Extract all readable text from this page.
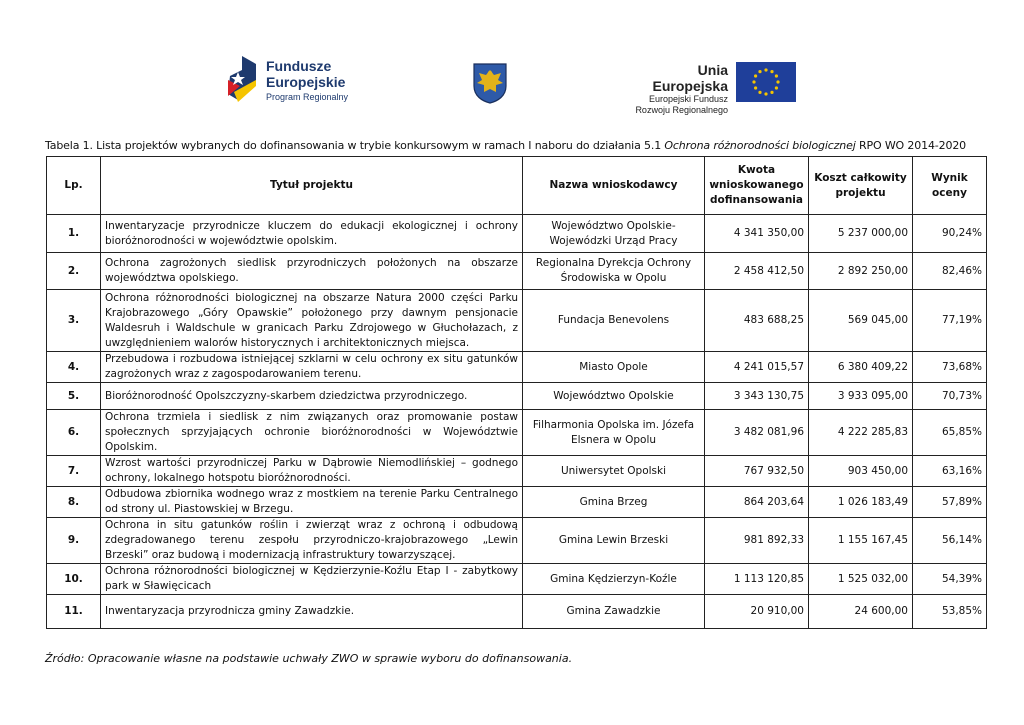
Fundusze
Europejskie
Program Regionalny
Unia Europejska
Europejski Fundusz
Rozwoju Regionalnego
Tabela 1. Lista projektów wybranych do dofinansowania w trybie konkursowym w ramach I naboru do działania 5.1 Ochrona różnorodności biologicznej RPO WO 2014-2020
Lp.	Tytuł projektu	Nazwa wnioskodawcy	Kwota wnioskowanego dofinansowania	Koszt całkowity projektu	Wynik oceny
1.	Inwentaryzacje przyrodnicze kluczem do edukacji ekologicznej i ochrony bioróżnorodności w województwie opolskim.	Województwo Opolskie-Wojewódzki Urząd Pracy	4 341 350,00	5 237 000,00	90,24%
2.	Ochrona zagrożonych siedlisk przyrodniczych położonych na obszarze województwa opolskiego.	Regionalna Dyrekcja Ochrony Środowiska w Opolu	2 458 412,50	2 892 250,00	82,46%
3.	Ochrona różnorodności biologicznej na obszarze Natura 2000 części Parku Krajobrazowego „Góry Opawskie” położonego przy dawnym pensjonacie Waldesruh i Waldschule w granicach Parku Zdrojowego w Głuchołazach, z uwzględnieniem walorów historycznych i architektonicznych miejsca.	Fundacja Benevolens	483 688,25	569 045,00	77,19%
4.	Przebudowa i rozbudowa istniejącej szklarni w celu ochrony ex situ gatunków zagrożonych wraz z zagospodarowaniem terenu.	Miasto Opole	4 241 015,57	6 380 409,22	73,68%
5.	Bioróżnorodność Opolszczyzny-skarbem dziedzictwa przyrodniczego.	Województwo Opolskie	3 343 130,75	3 933 095,00	70,73%
6.	Ochrona trzmiela i siedlisk z nim związanych oraz promowanie postaw społecznych sprzyjających ochronie bioróżnorodności w Województwie Opolskim.	Filharmonia Opolska im. Józefa Elsnera w Opolu	3 482 081,96	4 222 285,83	65,85%
7.	Wzrost wartości przyrodniczej Parku w Dąbrowie Niemodlińskiej – godnego ochrony, lokalnego hotspotu bioróżnorodności.	Uniwersytet Opolski	767 932,50	903 450,00	63,16%
8.	Odbudowa zbiornika wodnego wraz z mostkiem na terenie Parku Centralnego od strony ul. Piastowskiej w Brzegu.	Gmina Brzeg	864 203,64	1 026 183,49	57,89%
9.	Ochrona in situ gatunków roślin i zwierząt wraz z ochroną i odbudową zdegradowanego terenu zespołu przyrodniczo-krajobrazowego „Lewin Brzeski” oraz budową i modernizacją infrastruktury towarzyszącej.	Gmina Lewin Brzeski	981 892,33	1 155 167,45	56,14%
10.	Ochrona różnorodności biologicznej w Kędzierzynie-Koźlu Etap I - zabytkowy park w Sławięcicach	Gmina Kędzierzyn-Koźle	1 113 120,85	1 525 032,00	54,39%
11.	Inwentaryzacja przyrodnicza gminy Zawadzkie.	Gmina Zawadzkie	20 910,00	24 600,00	53,85%
Źródło: Opracowanie własne na podstawie uchwały ZWO w sprawie wyboru do dofinansowania.
